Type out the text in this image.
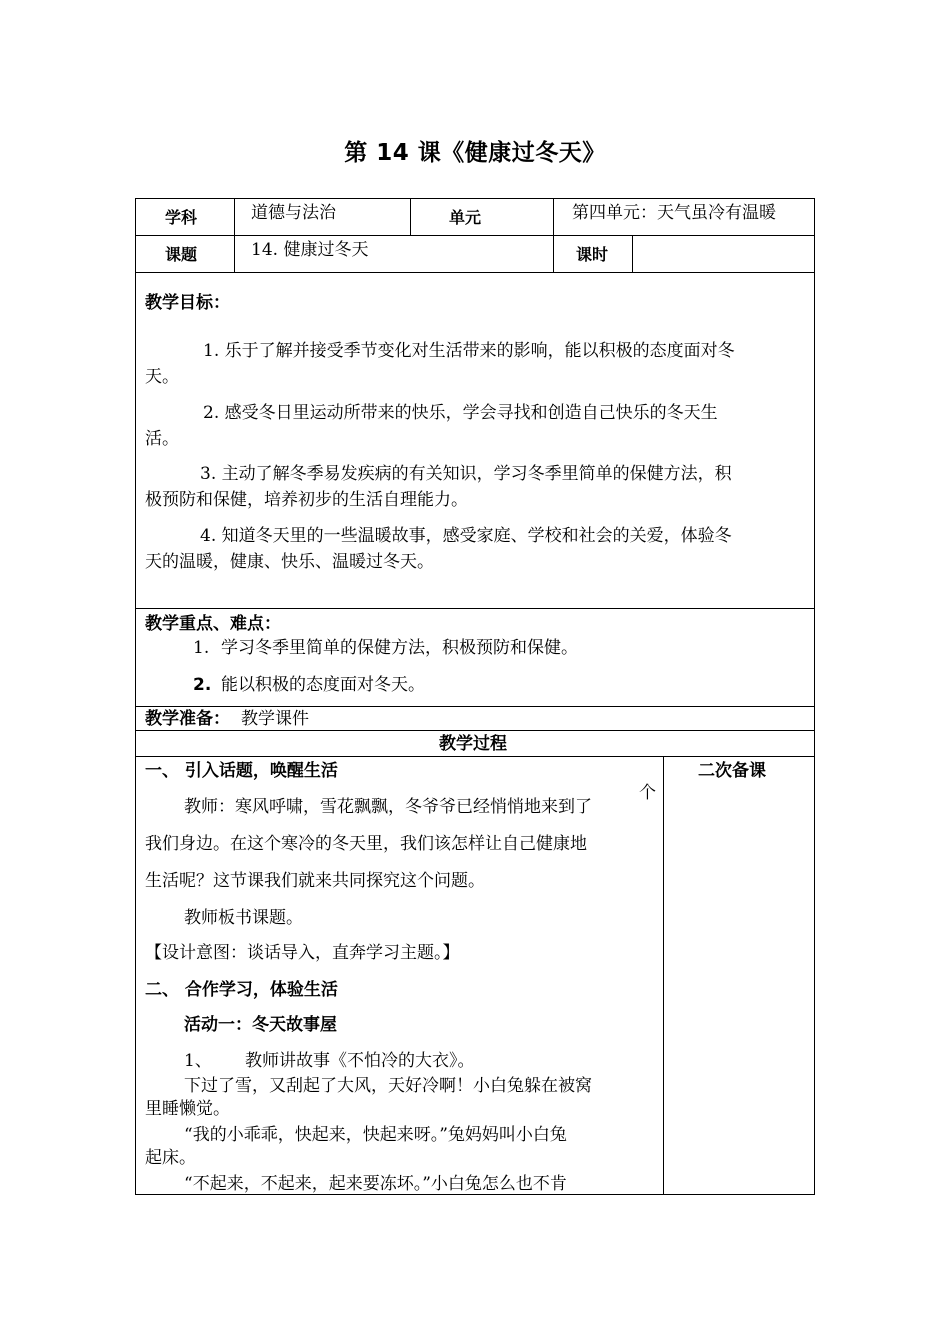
第 14 课《健康过冬天》
学科	道德与法治	单元	第四单元：天气虽冷有温暖
课题	14. 健康过冬天	课时
教学目标：
1. 乐于了解并接受季节变化对生活带来的影响，能以积极的态度面对冬
天。
2. 感受冬日里运动所带来的快乐，学会寻找和创造自己快乐的冬天生
活。
3. 主动了解冬季易发疾病的有关知识，学习冬季里简单的保健方法，积
极预防和保健，培养初步的生活自理能力。
4. 知道冬天里的一些温暖故事，感受家庭、学校和社会的关爱，体验冬
天的温暖，健康、快乐、温暖过冬天。
教学重点、难点：
1. 学习冬季里简单的保健方法，积极预防和保健。
2. 能以积极的态度面对冬天。
教学准备： 教学课件
教学过程
一、 引入话题，唤醒生活	二次备课
教师：寒风呼啸，雪花飘飘，冬爷爷已经悄悄地来到了
个
我们身边。在这个寒冷的冬天里，我们该怎样让自己健康地
生活呢？这节课我们就来共同探究这个问题。
教师板书课题。
【设计意图：谈话导入，直奔学习主题。】
二、 合作学习，体验生活
活动一：冬天故事屋
1、 教师讲故事《不怕冷的大衣》。
下过了雪，又刮起了大风，天好冷啊！小白兔躲在被窝
里睡懒觉。
“我的小乖乖，快起来，快起来呀。”兔妈妈叫小白兔
起床。
“不起来，不起来，起来要冻坏。”小白兔怎么也不肯
